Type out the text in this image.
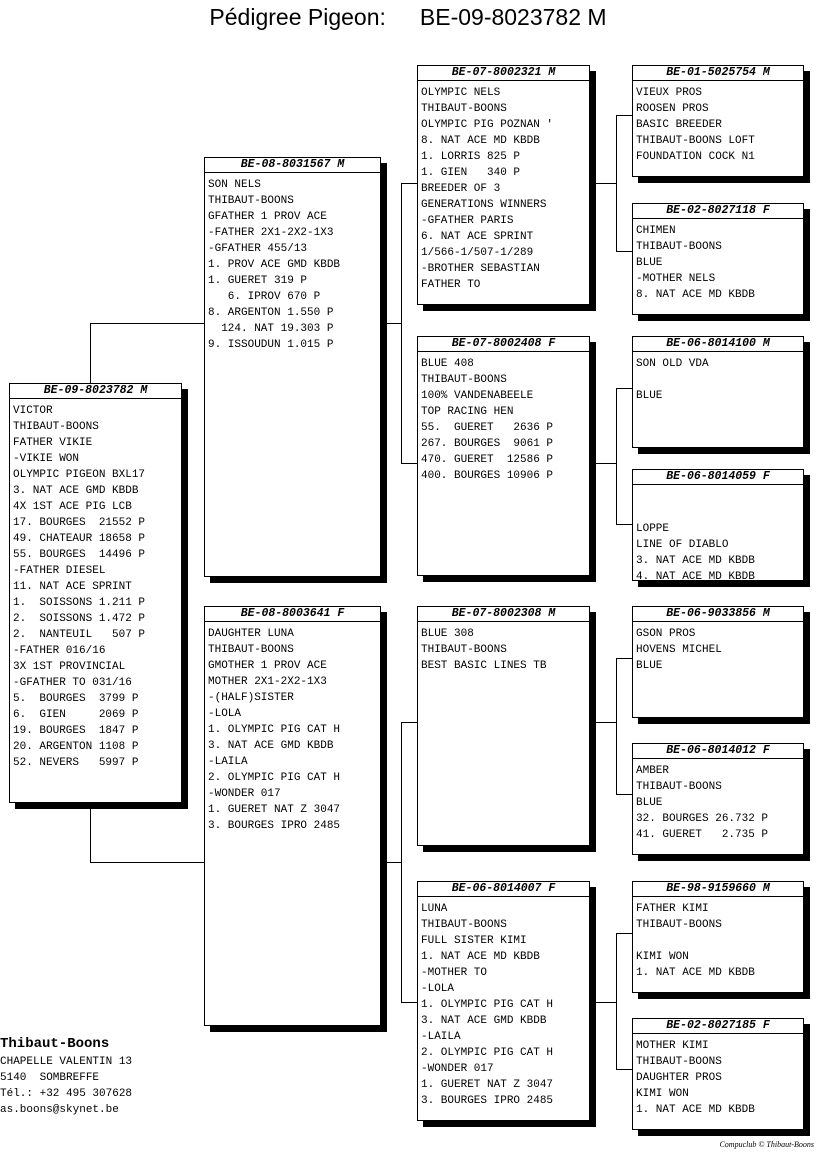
Pédigree Pigeon: BE-09-8023782 M
BE-09-8023782 M
VICTOR
THIBAUT-BOONS
FATHER VIKIE
-VIKIE WON
OLYMPIC PIGEON BXL17
3. NAT ACE GMD KBDB
4X 1ST ACE PIG LCB
17. BOURGES  21552 P
49. CHATEAUR 18658 P
55. BOURGES  14496 P
-FATHER DIESEL
11. NAT ACE SPRINT
1.  SOISSONS 1.211 P
2.  SOISSONS 1.472 P
2.  NANTEUIL   507 P
-FATHER 016/16
3X 1ST PROVINCIAL
-GFATHER TO 031/16
5.  BOURGES  3799 P
6.  GIEN     2069 P
19. BOURGES  1847 P
20. ARGENTON 1108 P
52. NEVERS   5997 P
BE-08-8031567 M
SON NELS
THIBAUT-BOONS
GFATHER 1 PROV ACE
-FATHER 2X1-2X2-1X3
-GFATHER 455/13
1. PROV ACE GMD KBDB
1. GUERET 319 P
6. IPROV 670 P
8. ARGENTON 1.550 P
124. NAT 19.303 P
9. ISSOUDUN 1.015 P
BE-08-8003641 F
DAUGHTER LUNA
THIBAUT-BOONS
GMOTHER 1 PROV ACE
MOTHER 2X1-2X2-1X3
-(HALF)SISTER
-LOLA
1. OLYMPIC PIG CAT H
3. NAT ACE GMD KBDB
-LAILA
2. OLYMPIC PIG CAT H
-WONDER 017
1. GUERET NAT Z 3047
3. BOURGES IPRO 2485
BE-07-8002321 M
OLYMPIC NELS
THIBAUT-BOONS
OLYMPIC PIG POZNAN '
8. NAT ACE MD KBDB
1. LORRIS 825 P
1. GIEN   340 P
BREEDER OF 3
GENERATIONS WINNERS
-GFATHER PARIS
6. NAT ACE SPRINT
1/566-1/507-1/289
-BROTHER SEBASTIAN
FATHER TO
BE-07-8002408 F
BLUE 408
THIBAUT-BOONS
100% VANDENABEELE
TOP RACING HEN
55.  GUERET   2636 P
267. BOURGES  9061 P
470. GUERET  12586 P
400. BOURGES 10906 P
BE-07-8002308 M
BLUE 308
THIBAUT-BOONS
BEST BASIC LINES TB
BE-06-8014007 F
LUNA
THIBAUT-BOONS
FULL SISTER KIMI
1. NAT ACE MD KBDB
-MOTHER TO
-LOLA
1. OLYMPIC PIG CAT H
3. NAT ACE GMD KBDB
-LAILA
2. OLYMPIC PIG CAT H
-WONDER 017
1. GUERET NAT Z 3047
3. BOURGES IPRO 2485
BE-01-5025754 M
VIEUX PROS
ROOSEN PROS
BASIC BREEDER
THIBAUT-BOONS LOFT
FOUNDATION COCK N1
BE-02-8027118 F
CHIMEN
THIBAUT-BOONS
BLUE
-MOTHER NELS
8. NAT ACE MD KBDB
BE-06-8014100 M
SON OLD VDA
BLUE
BE-06-8014059 F
LOPPE
LINE OF DIABLO
3. NAT ACE MD KBDB
4. NAT ACE MD KBDB
BE-06-9033856 M
GSON PROS
HOVENS MICHEL
BLUE
BE-06-8014012 F
AMBER
THIBAUT-BOONS
BLUE
32. BOURGES 26.732 P
41. GUERET   2.735 P
BE-98-9159660 M
FATHER KIMI
THIBAUT-BOONS
KIMI WON
1. NAT ACE MD KBDB
BE-02-8027185 F
MOTHER KIMI
THIBAUT-BOONS
DAUGHTER PROS
KIMI WON
1. NAT ACE MD KBDB
Thibaut-Boons
CHAPELLE VALENTIN 13
5140  SOMBREFFE
Tél.: +32 495 307628
as.boons@skynet.be
Compuclub © Thibaut-Boons
